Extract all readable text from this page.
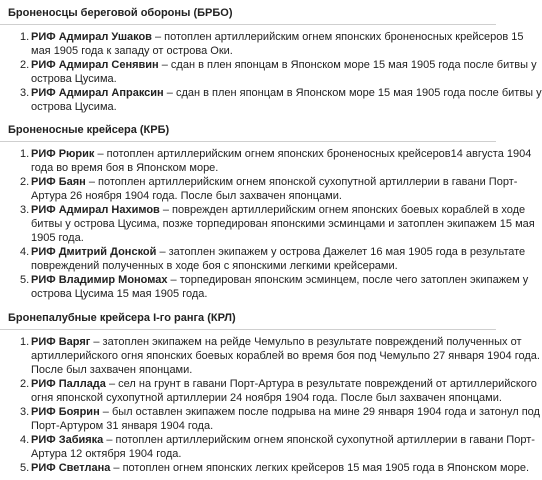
Броненосцы береговой обороны (БРБО)
1. РИФ Адмирал Ушаков – потоплен артиллерийским огнем японских броненосных крейсеров 15
мая 1905 года к западу от острова Оки.
2. РИФ Адмирал Сенявин – сдан в плен японцам в Японском море 15 мая 1905 года после битвы у
острова Цусима.
3. РИФ Адмирал Апраксин – сдан в плен японцам в Японском море 15 мая 1905 года после битвы у
острова Цусима.
Броненосные крейсера (КРБ)
1. РИФ Рюрик – потоплен артиллерийским огнем японских броненосных крейсеров14 августа 1904
года во время боя в Японском море.
2. РИФ Баян – потоплен артиллерийским огнем японской сухопутной артиллерии в гавани Порт-
Артура 26 ноября 1904 года. После был захвачен японцами.
3. РИФ Адмирал Нахимов – поврежден артиллерийским огнем японских боевых кораблей в ходе
битвы у острова Цусима, позже торпедирован японскими эсминцами и затоплен экипажем 15 мая
1905 года.
4. РИФ Дмитрий Донской – затоплен экипажем у острова Дажелет 16 мая 1905 года в результате
повреждений полученных в ходе боя с японскими легкими крейсерами.
5. РИФ Владимир Мономах – торпедирован японским эсминцем, после чего затоплен экипажем у
острова Цусима 15 мая 1905 года.
Бронепалубные крейсера I-го ранга (КРЛ)
1. РИФ Варяг – затоплен экипажем на рейде Чемульпо в результате повреждений полученных от
артиллерийского огня японских боевых кораблей во время боя под Чемульпо 27 января 1904 года.
После был захвачен японцами.
2. РИФ Паллада – сел на грунт в гавани Порт-Артура в результате повреждений от артиллерийского
огня японской сухопутной артиллерии 24 ноября 1904 года. После был захвачен японцами.
3. РИФ Боярин – был оставлен экипажем после подрыва на мине 29 января 1904 года и затонул под
Порт-Артуром 31 января 1904 года.
4. РИФ Забияка – потоплен артиллерийским огнем японской сухопутной артиллерии в гавани Порт-
Артура 12 октября 1904 года.
5. РИФ Светлана – потоплен огнем японских легких крейсеров 15 мая 1905 года в Японском море.
